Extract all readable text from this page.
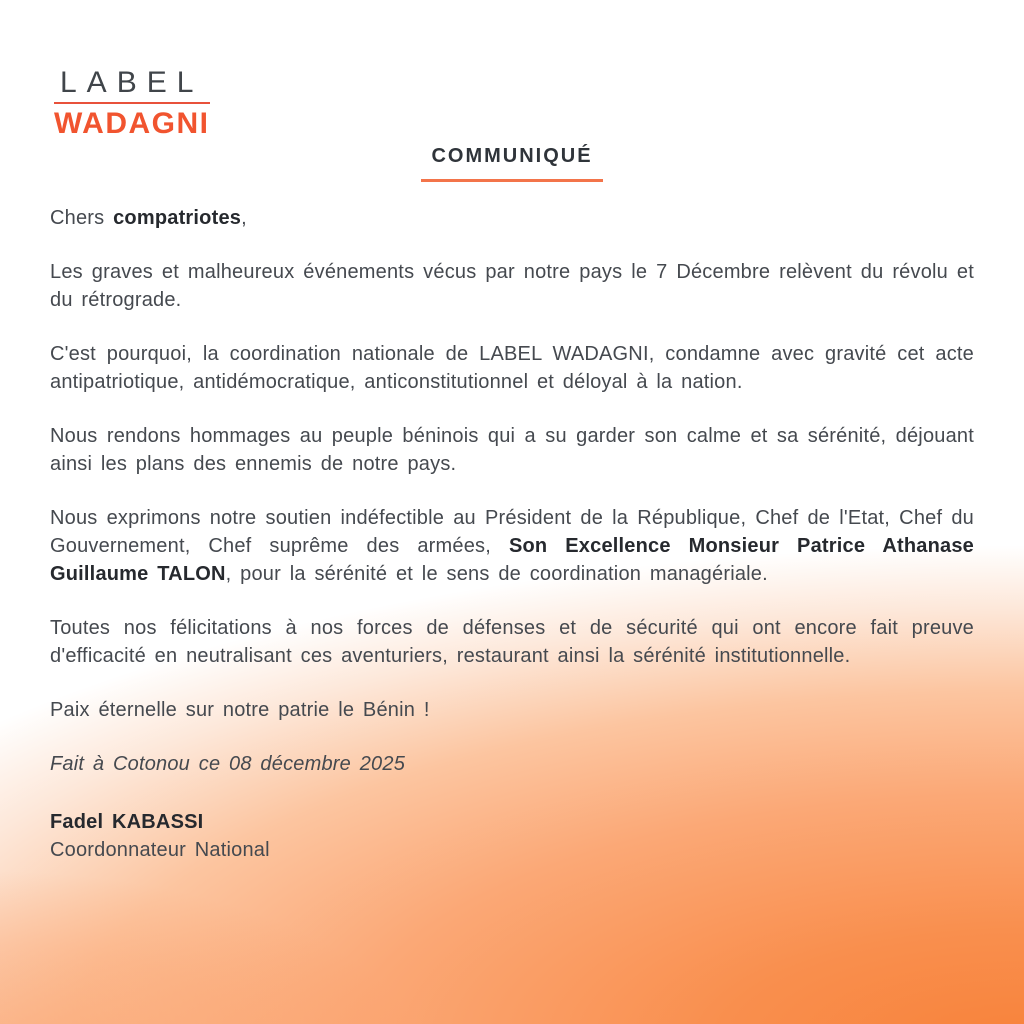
LABEL
WADAGNI
COMMUNIQUÉ

Chers compatriotes,

Les graves et malheureux événements vécus par notre pays le 7 Décembre relèvent du révolu et du rétrograde.

C'est pourquoi, la coordination nationale de LABEL WADAGNI, condamne avec gravité cet acte antipatriotique, antidémocratique, anticonstitutionnel et déloyal à la nation.

Nous rendons hommages au peuple béninois qui a su garder son calme et sa sérénité, déjouant ainsi les plans des ennemis de notre pays.

Nous exprimons notre soutien indéfectible au Président de la République, Chef de l'Etat, Chef du Gouvernement, Chef suprême des armées, Son Excellence Monsieur Patrice Athanase Guillaume TALON, pour la sérénité et le sens de coordination managériale.

Toutes nos félicitations à nos forces de défenses et de sécurité qui ont encore fait preuve d'efficacité en neutralisant ces aventuriers, restaurant ainsi la sérénité institutionnelle.

Paix éternelle sur notre patrie le Bénin !

Fait à Cotonou ce 08 décembre 2025

Fadel KABASSI

Coordonnateur National
